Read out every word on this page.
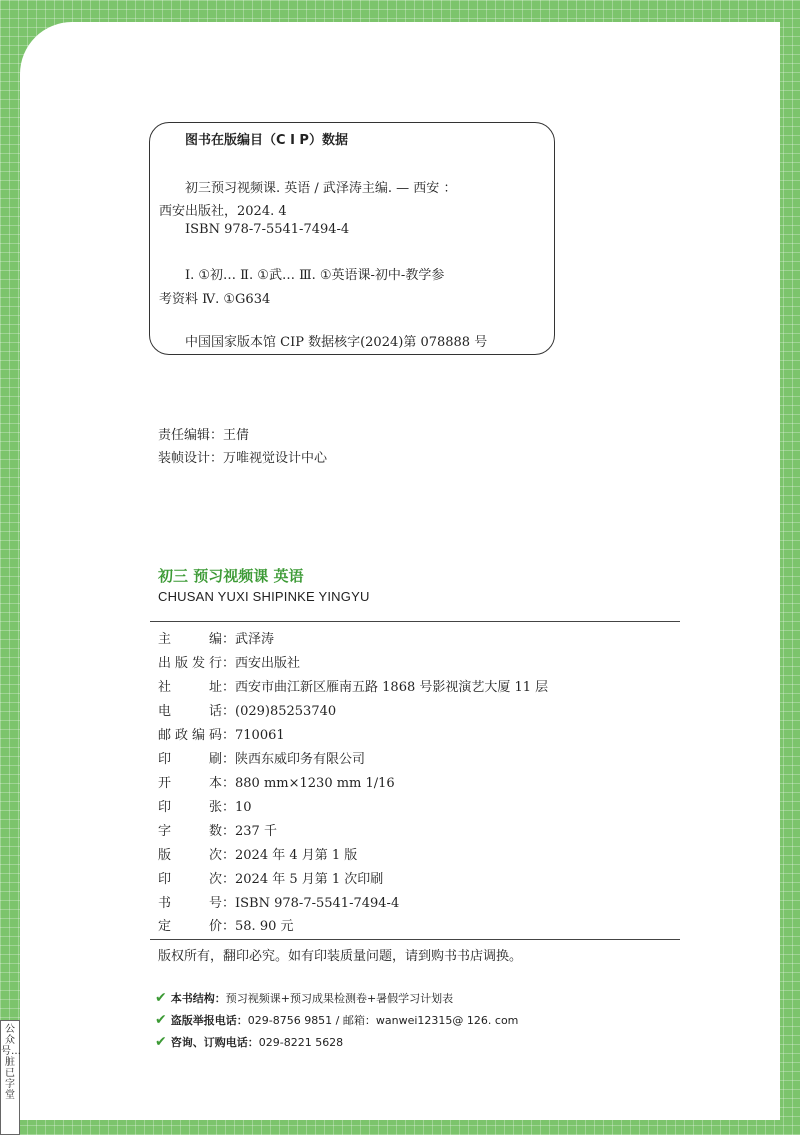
图书在版编目（C I P）数据
初三预习视频课. 英语 / 武泽涛主编. — 西安 ：
西安出版社，2024. 4
ISBN 978-7-5541-7494-4
Ⅰ. ①初… Ⅱ. ①武… Ⅲ. ①英语课-初中-教学参
考资料 Ⅳ. ①G634
中国国家版本馆 CIP 数据核字(2024)第 078888 号
责任编辑：王倩
装帧设计：万唯视觉设计中心
初三 预习视频课 英语
CHUSAN YUXI SHIPINKE YINGYU
主编：武泽涛
出版发行：西安出版社
社址：西安市曲江新区雁南五路 1868 号影视演艺大厦 11 层
电话：(029)85253740
邮政编码：710061
印刷：陕西东威印务有限公司
开本：880 mm×1230 mm 1/16
印张：10
字数：237 千
版次：2024 年 4 月第 1 版
印次：2024 年 5 月第 1 次印刷
书号：ISBN 978-7-5541-7494-4
定价：58. 90 元
版权所有，翻印必究。如有印装质量问题，请到购书书店调换。
✔ 本书结构：预习视频课+预习成果检测卷+暑假学习计划表
✔ 盗版举报电话：029-8756 9851 / 邮箱：wanwei12315@ 126. com
✔ 咨询、订购电话：029-8221 5628
公众号…脏已字堂
